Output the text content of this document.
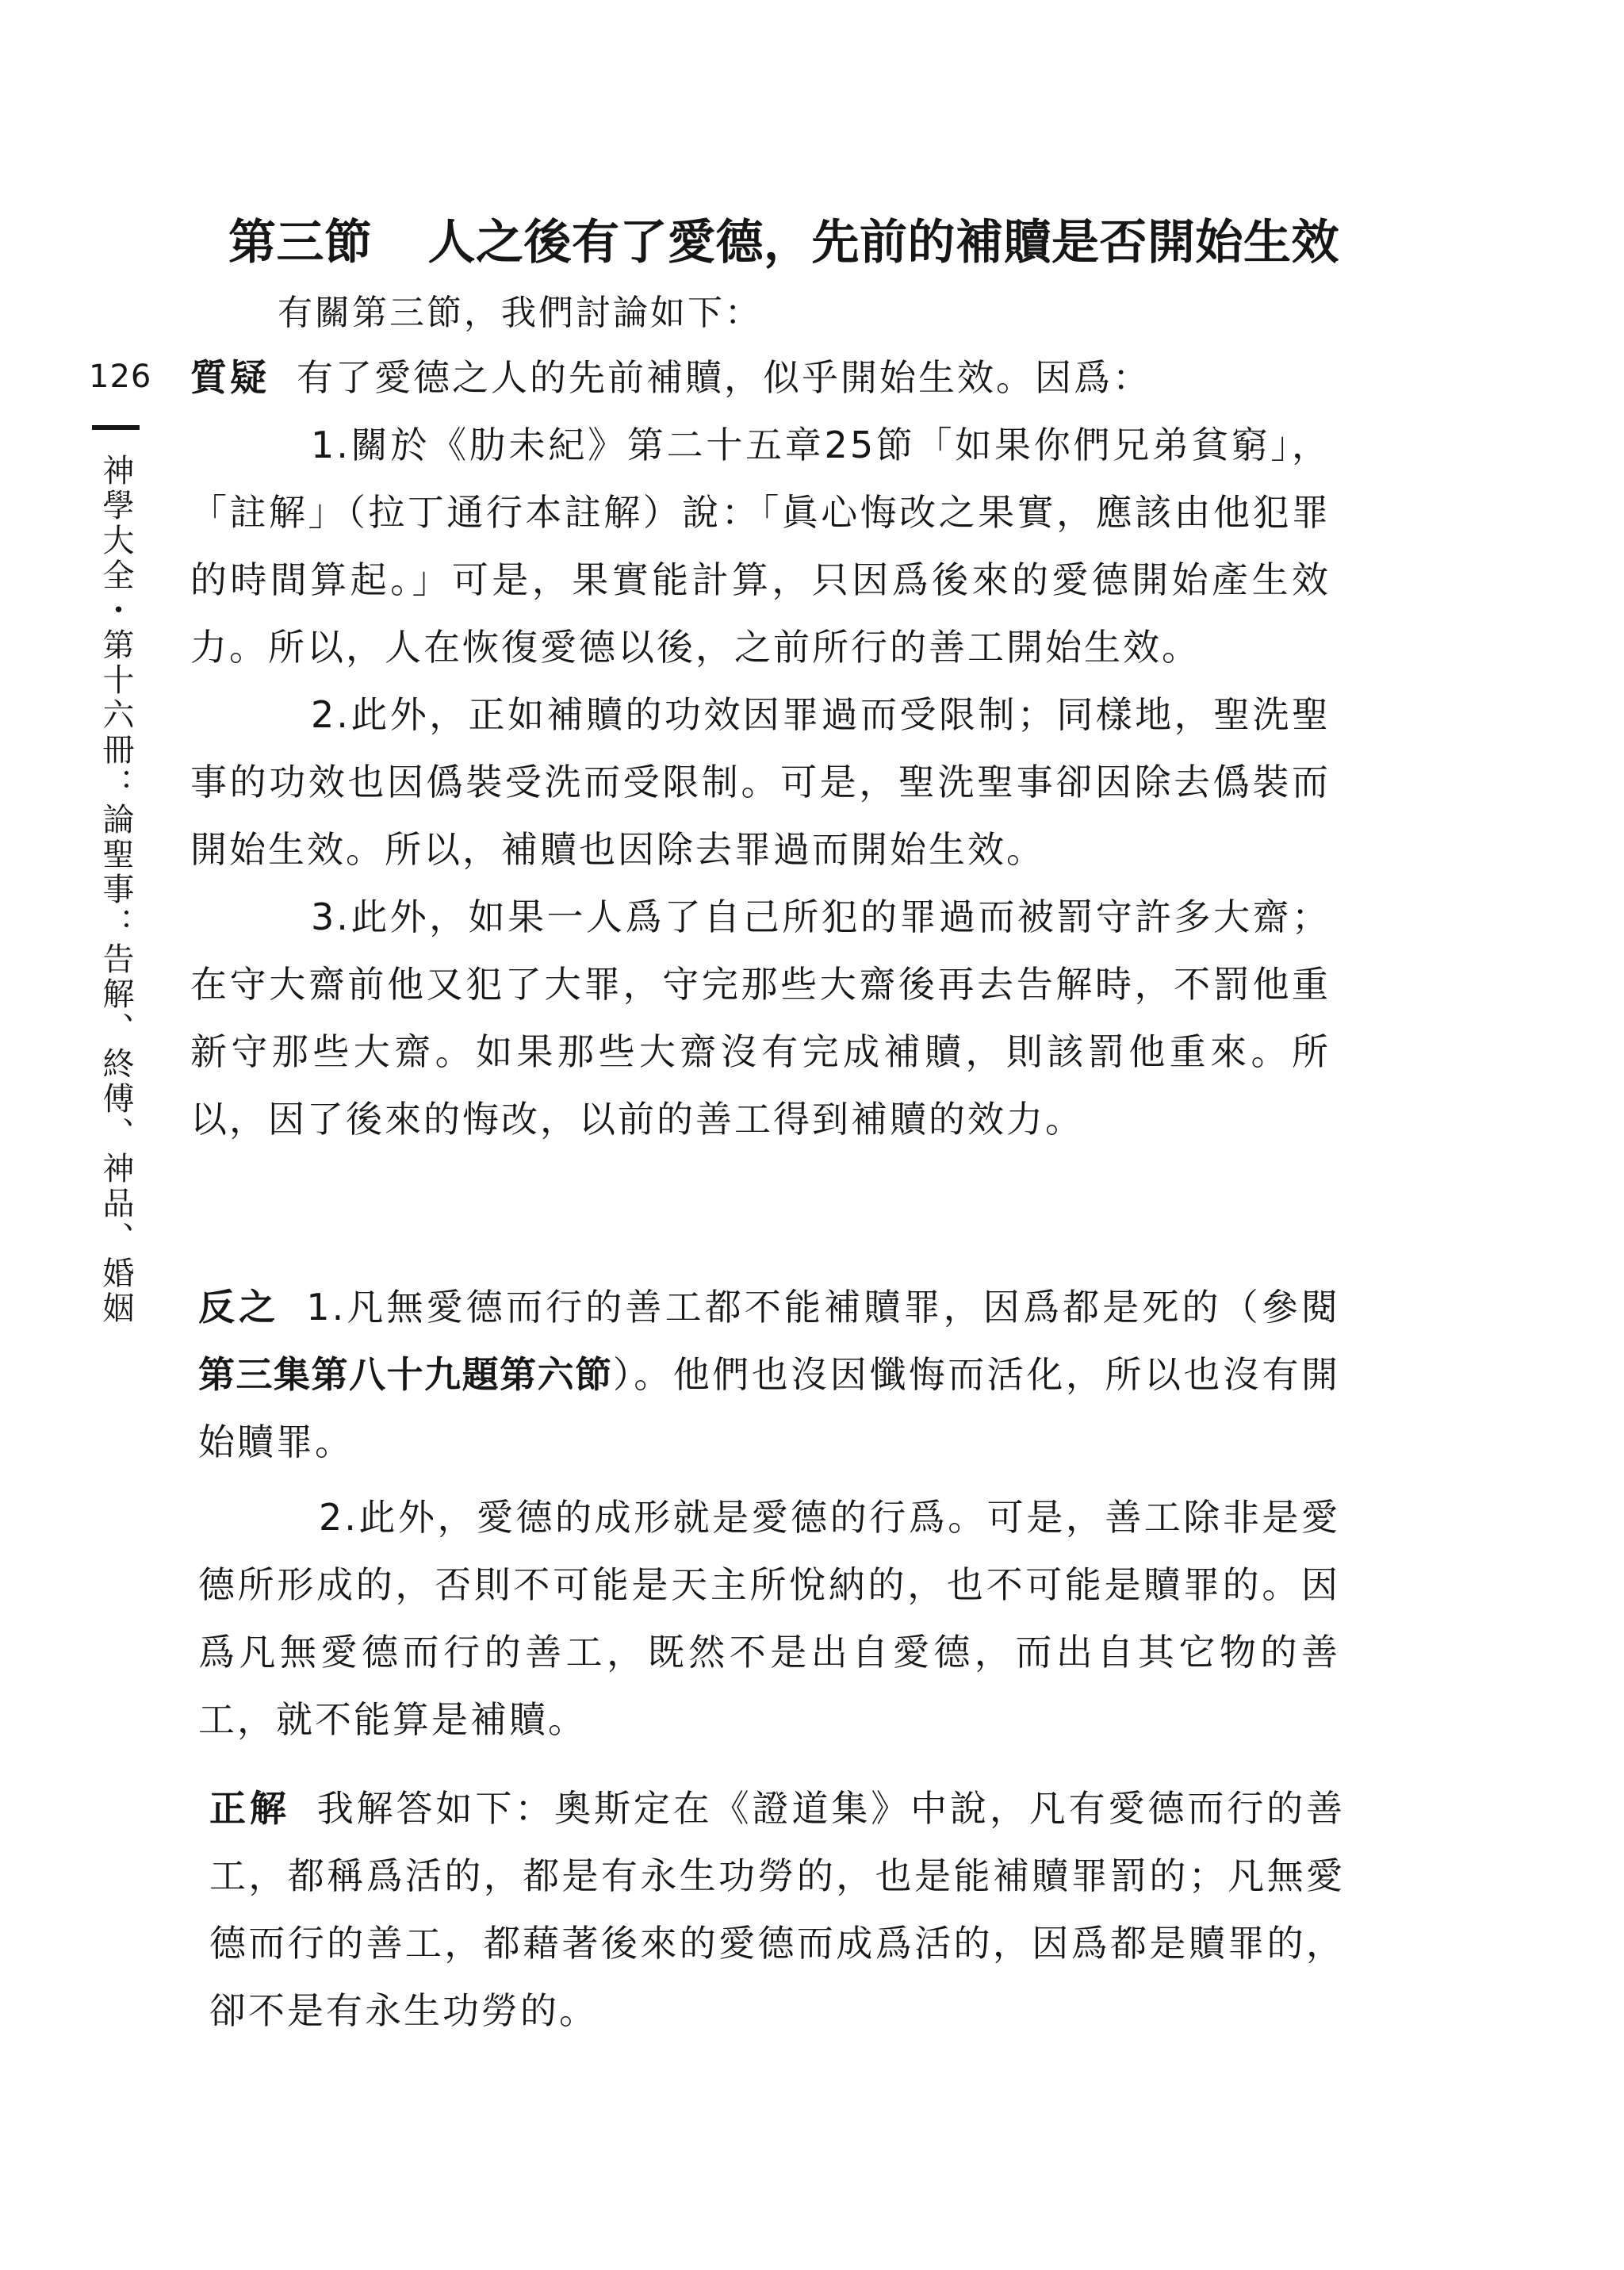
第三節 人之後有了愛德，先前的補贖是否開始生效
有關第三節，我們討論如下：
126
神學大全・第十六冊：論聖事：告解、終傅、神品、婚姻

質疑 有了愛德之人的先前補贖，似乎開始生效。因爲：

1.關於《肋未紀》第二十五章25節「如果你們兄弟貧窮」，「註解」（拉丁通行本註解）說：「眞心悔改之果實，應該由他犯罪的時間算起。」可是，果實能計算，只因爲後來的愛德開始產生效力。所以，人在恢復愛德以後，之前所行的善工開始生效。

2.此外，正如補贖的功效因罪過而受限制；同樣地，聖洗聖事的功效也因僞裝受洗而受限制。可是，聖洗聖事卻因除去僞裝而開始生效。所以，補贖也因除去罪過而開始生效。

3.此外，如果一人爲了自己所犯的罪過而被罰守許多大齋；在守大齋前他又犯了大罪，守完那些大齋後再去告解時，不罰他重新守那些大齋。如果那些大齋沒有完成補贖，則該罰他重來。所以，因了後來的悔改，以前的善工得到補贖的效力。

反之 1.凡無愛德而行的善工都不能補贖罪，因爲都是死的（參閱第三集第八十九題第六節）。他們也沒因懺悔而活化，所以也沒有開始贖罪。

2.此外，愛德的成形就是愛德的行爲。可是，善工除非是愛德所形成的，否則不可能是天主所悅納的，也不可能是贖罪的。因爲凡無愛德而行的善工，既然不是出自愛德，而出自其它物的善工，就不能算是補贖。

正解 我解答如下：奧斯定在《證道集》中說，凡有愛德而行的善工，都稱爲活的，都是有永生功勞的，也是能補贖罪罰的；凡無愛德而行的善工，都藉著後來的愛德而成爲活的，因爲都是贖罪的，卻不是有永生功勞的。
